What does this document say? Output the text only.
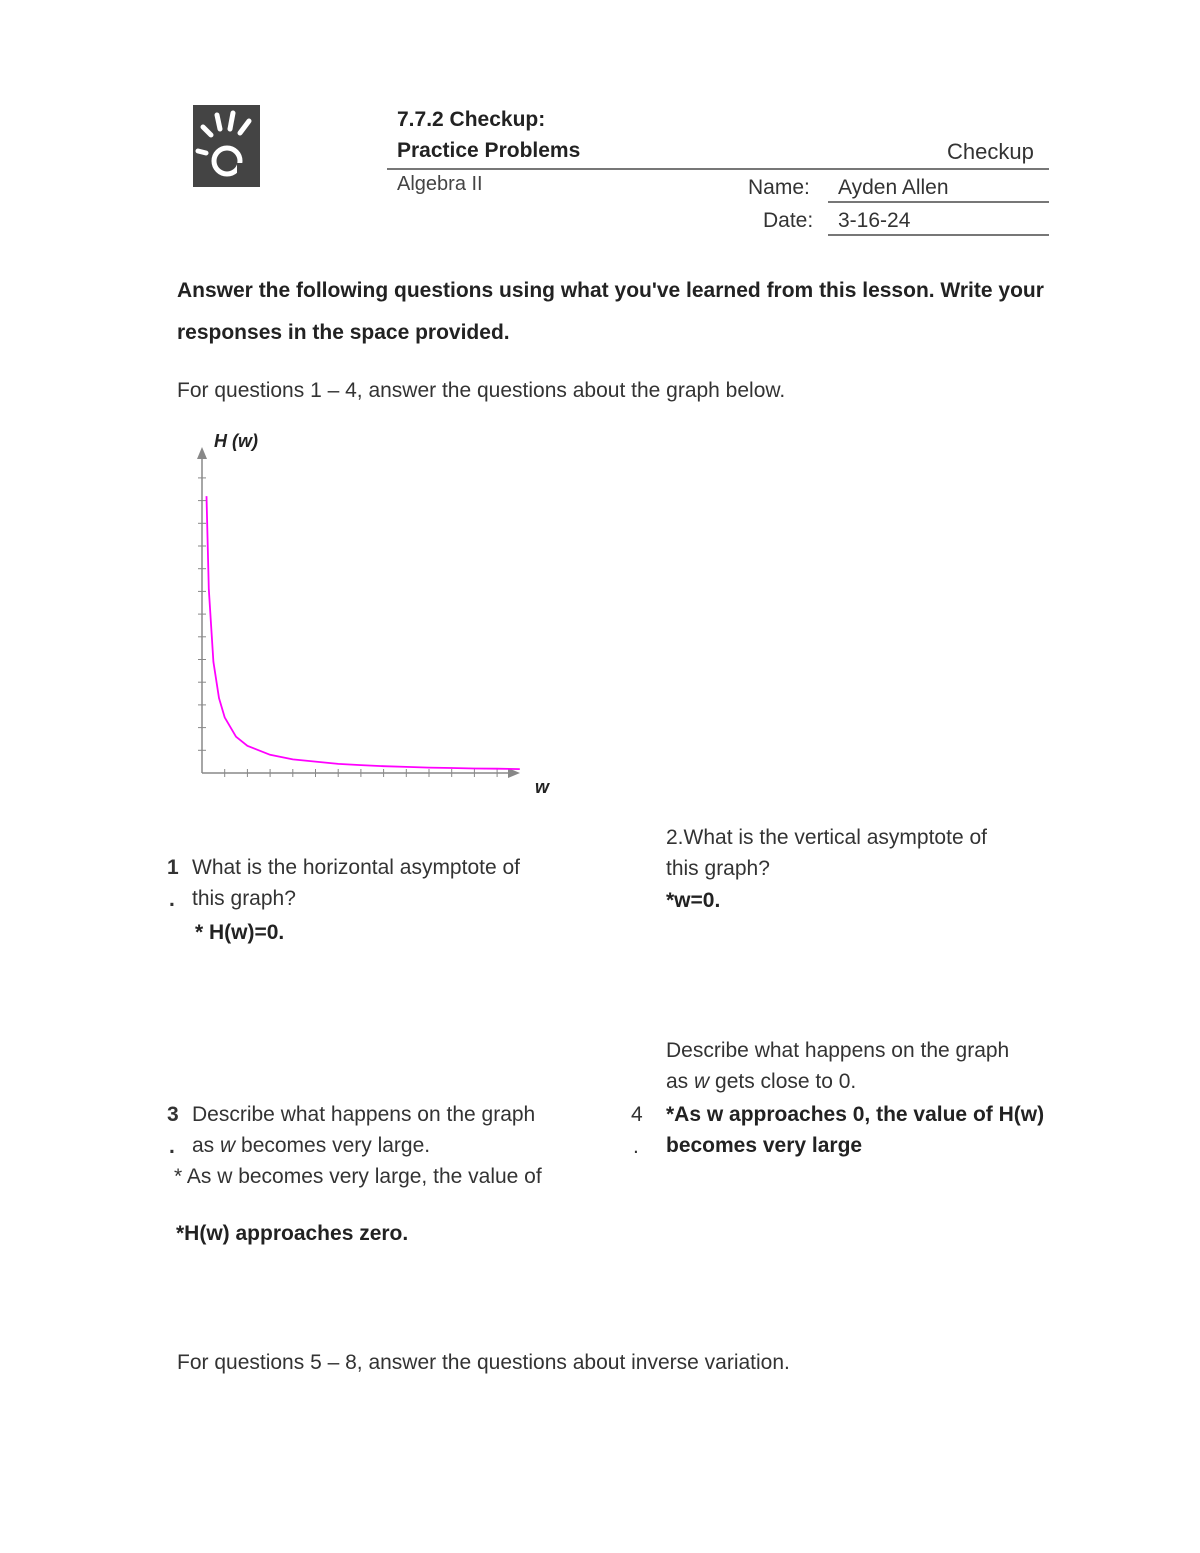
7.7.2 Checkup:
Practice Problems	Checkup
Algebra II	Name: Ayden Allen
Date: 3-16-24
Answer the following questions using what you've learned from this lesson. Write your responses in the space provided.
For questions 1 – 4, answer the questions about the graph below.
H (w)
w
1
.
What is the horizontal asymptote of
this graph?
* H(w)=0.
2.What is the vertical asymptote of
this graph?
*w=0.
3
.
Describe what happens on the graph
as w becomes very large.
* As w becomes very large, the value of
*H(w) approaches zero.
Describe what happens on the graph
as w gets close to 0.
4
.
*As w approaches 0, the value of H(w)
becomes very large
For questions 5 – 8, answer the questions about inverse variation.
